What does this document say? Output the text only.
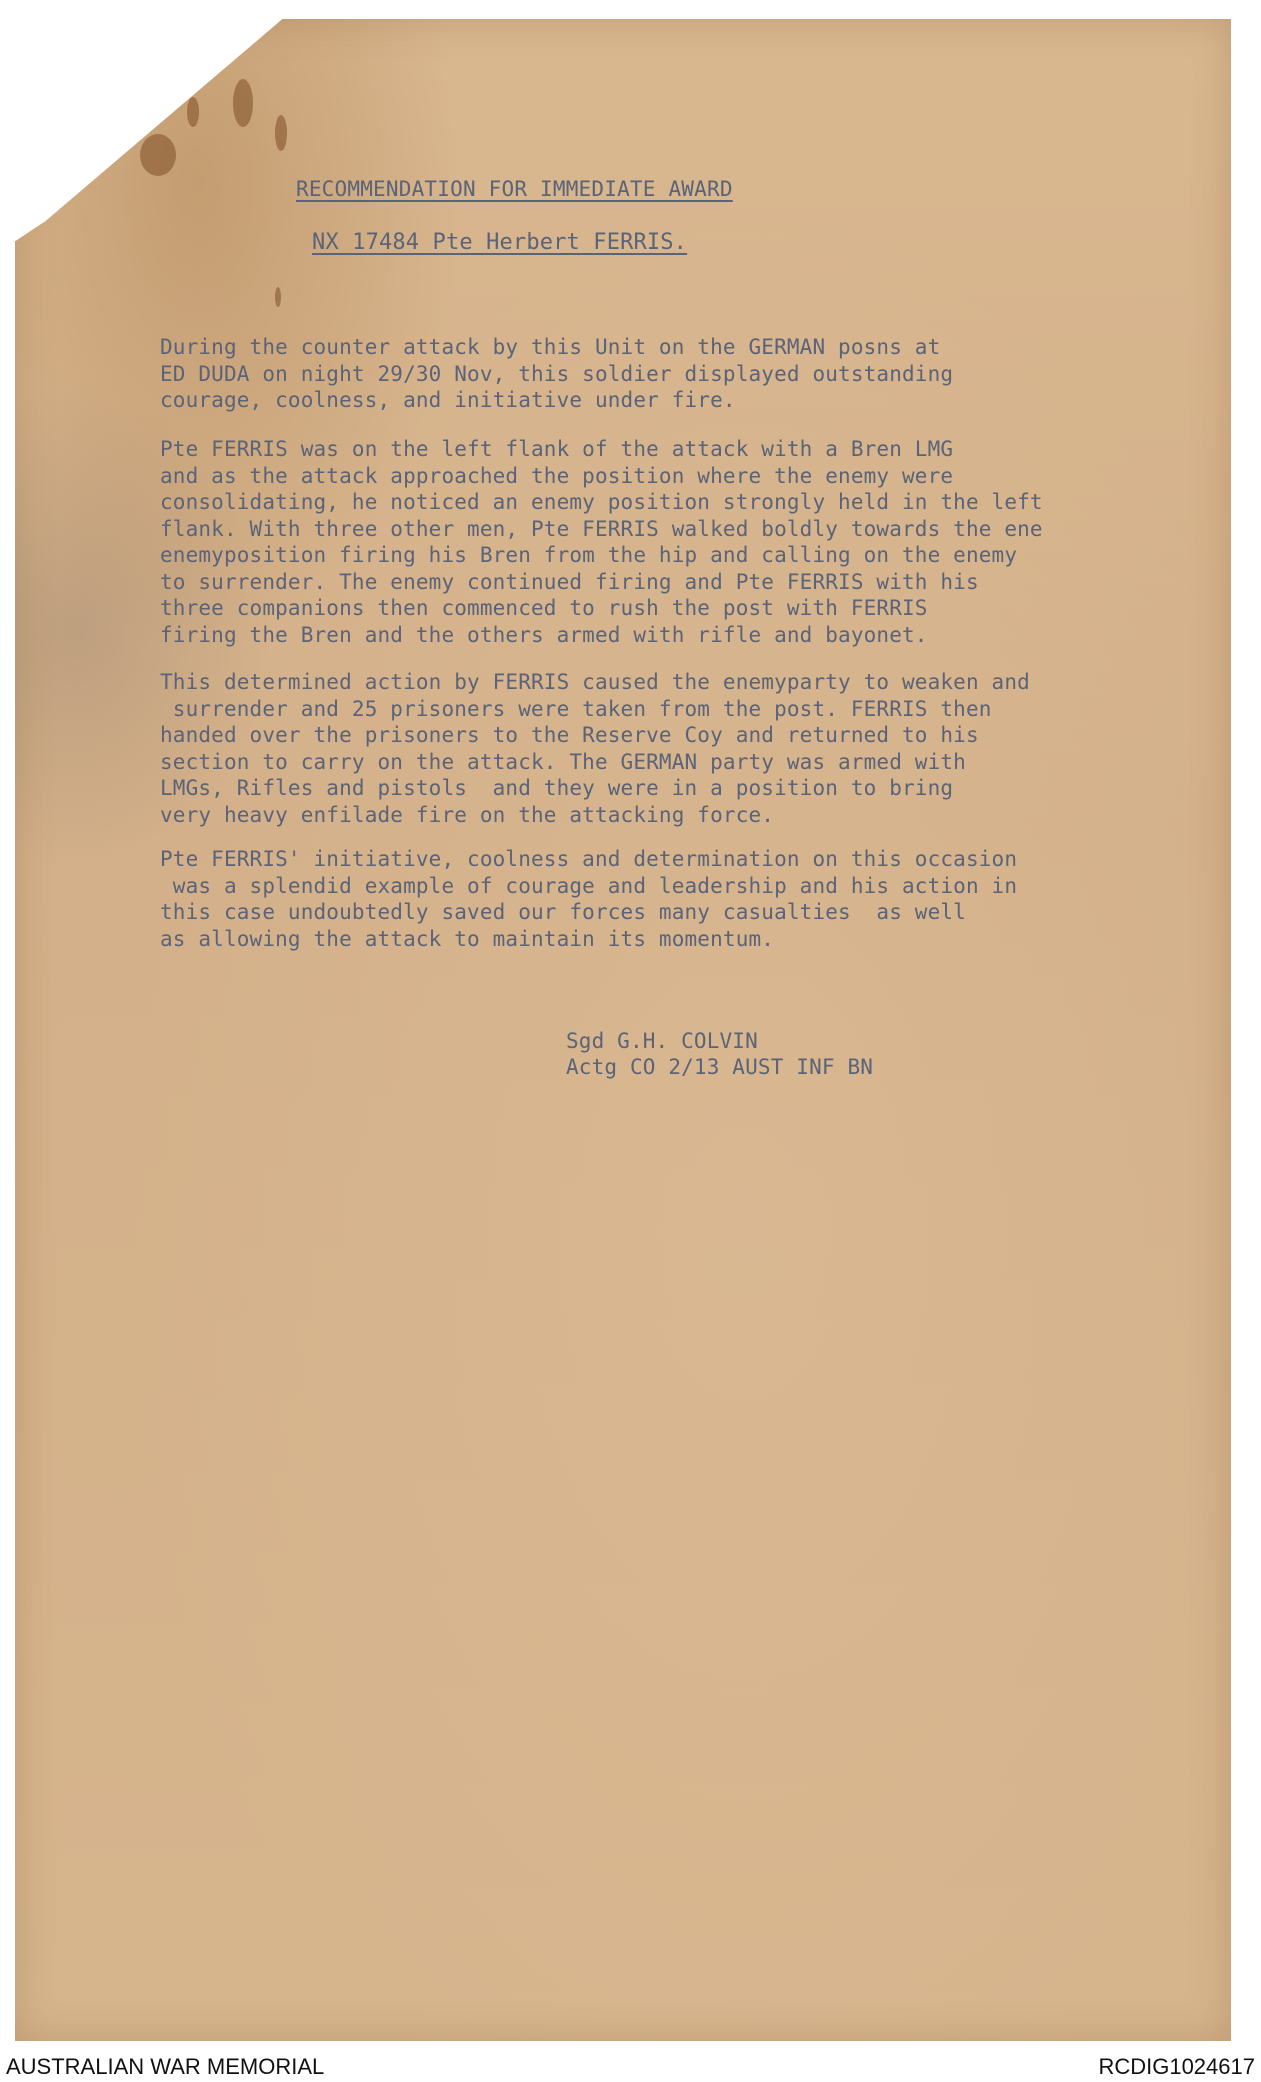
RECOMMENDATION FOR IMMEDIATE AWARD
NX 17484 Pte Herbert FERRIS.
During the counter attack by this Unit on the GERMAN posns at
ED DUDA on night 29/30 Nov, this soldier displayed outstanding
courage, coolness, and initiative under fire.
Pte FERRIS was on the left flank of the attack with a Bren LMG
and as the attack approached the position where the enemy were
consolidating, he noticed an enemy position strongly held in the left
flank. With three other men, Pte FERRIS walked boldly towards the ene
enemyposition firing his Bren from the hip and calling on the enemy
to surrender. The enemy continued firing and Pte FERRIS with his
three companions then commenced to rush the post with FERRIS
firing the Bren and the others armed with rifle and bayonet.
This determined action by FERRIS caused the enemyparty to weaken and
surrender and 25 prisoners were taken from the post. FERRIS then
handed over the prisoners to the Reserve Coy and returned to his
section to carry on the attack. The GERMAN party was armed with
LMGs, Rifles and pistols  and they were in a position to bring
very heavy enfilade fire on the attacking force.
Pte FERRIS' initiative, coolness and determination on this occasion
was a splendid example of courage and leadership and his action in
this case undoubtedly saved our forces many casualties  as well
as allowing the attack to maintain its momentum.
Sgd G.H. COLVIN
Actg CO 2/13 AUST INF BN
AUSTRALIAN WAR MEMORIAL	RCDIG1024617
